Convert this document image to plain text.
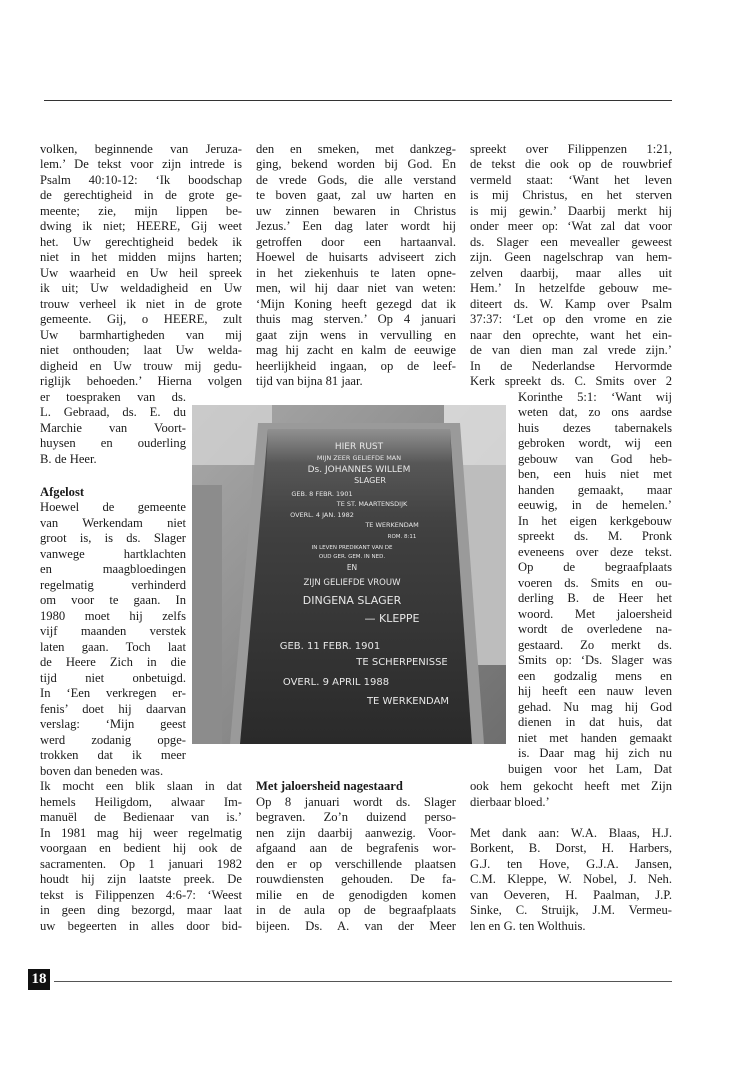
volken, beginnende van Jeruza-
lem.’ De tekst voor zijn intrede is
Psalm 40:10-12: ‘Ik boodschap
de gerechtigheid in de grote ge-
meente; zie, mijn lippen be-
dwing ik niet; HEERE, Gij weet
het. Uw gerechtigheid bedek ik
niet in het midden mijns harten;
Uw waarheid en Uw heil spreek
ik uit; Uw weldadigheid en Uw
trouw verheel ik niet in de grote
gemeente. Gij, o HEERE, zult
Uw barmhartigheden van mij
niet onthouden; laat Uw welda-
digheid en Uw trouw mij gedu-
riglijk behoeden.’ Hierna volgen
er toespraken van ds.
L. Gebraad, ds. E. du
Marchie van Voort-
huysen en ouderling
B. de Heer.
Afgelost
Hoewel de gemeente
van Werkendam niet
groot is, is ds. Slager
vanwege hartklachten
en maagbloedingen
regelmatig verhinderd
om voor te gaan. In
1980 moet hij zelfs
vijf maanden verstek
laten gaan. Toch laat
de Heere Zich in die
tijd niet onbetuigd.
In ‘Een verkregen er-
fenis’ doet hij daarvan
verslag: ‘Mijn geest
werd zodanig opge-
trokken dat ik meer
boven dan beneden was.
Ik mocht een blik slaan in dat
hemels Heiligdom, alwaar Im-
manuël de Bedienaar van is.’
In 1981 mag hij weer regelmatig
voorgaan en bedient hij ook de
sacramenten. Op 1 januari 1982
houdt hij zijn laatste preek. De
tekst is Filippenzen 4:6-7: ‘Weest
in geen ding bezorgd, maar laat
uw begeerten in alles door bid-
den en smeken, met dankzeg-
ging, bekend worden bij God. En
de vrede Gods, die alle verstand
te boven gaat, zal uw harten en
uw zinnen bewaren in Christus
Jezus.’ Een dag later wordt hij
getroffen door een hartaanval.
Hoewel de huisarts adviseert zich
in het ziekenhuis te laten opne-
men, wil hij daar niet van weten:
‘Mijn Koning heeft gezegd dat ik
thuis mag sterven.’ Op 4 januari
gaat zijn wens in vervulling en
mag hij zacht en kalm de eeuwige
heerlijkheid ingaan, op de leef-
tijd van bijna 81 jaar.
Met jaloersheid nagestaard
Op 8 januari wordt ds. Slager
begraven. Zo’n duizend perso-
nen zijn daarbij aanwezig. Voor-
afgaand aan de begrafenis wor-
den er op verschillende plaatsen
rouwdiensten gehouden. De fa-
milie en de genodigden komen
in de aula op de begraafplaats
bijeen. Ds. A. van der Meer
spreekt over Filippenzen 1:21,
de tekst die ook op de rouwbrief
vermeld staat: ‘Want het leven
is mij Christus, en het sterven
is mij gewin.’ Daarbij merkt hij
onder meer op: ‘Wat zal dat voor
ds. Slager een mevealler geweest
zijn. Geen nagelschrap van hem-
zelven daarbij, maar alles uit
Hem.’ In hetzelfde gebouw me-
diteert ds. W. Kamp over Psalm
37:37: ‘Let op den vrome en zie
naar den oprechte, want het ein-
de van dien man zal vrede zijn.’
In de Nederlandse Hervormde
Kerk spreekt ds. C. Smits over 2
Korinthe 5:1: ‘Want wij
weten dat, zo ons aardse
huis dezes tabernakels
gebroken wordt, wij een
gebouw van God heb-
ben, een huis niet met
handen gemaakt, maar
eeuwig, in de hemelen.’
In het eigen kerkgebouw
spreekt ds. M. Pronk
eveneens over deze tekst.
Op de begraafplaats
voeren ds. Smits en ou-
derling B. de Heer het
woord. Met jaloersheid
wordt de overledene na-
gestaard. Zo merkt ds.
Smits op: ‘Ds. Slager was
een godzalig mens en
hij heeft een nauw leven
gehad. Nu mag hij God
dienen in dat huis, dat
niet met handen gemaakt
is. Daar mag hij zich nu
buigen voor het Lam, Dat
ook hem gekocht heeft met Zijn
dierbaar bloed.’
Met dank aan: W.A. Blaas, H.J.
Borkent, B. Dorst, H. Harbers,
G.J. ten Hove, G.J.A. Jansen,
C.M. Kleppe, W. Nobel, J. Neh.
van Oeveren, H. Paalman, J.P.
Sinke, C. Struijk, J.M. Vermeu-
len en G. ten Wolthuis.
HIER RUST
MIJN ZEER GELIEFDE MAN
Ds. JOHANNES WILLEM
SLAGER
GEB. 8 FEBR. 1901
TE ST. MAARTENSDIJK
OVERL. 4 JAN. 1982
TE WERKENDAM
ROM. 8:11
IN LEVEN PREDIKANT VAN DE
OUD GER. GEM. IN NED.
EN
ZIJN GELIEFDE VROUW
DINGENA SLAGER
— KLEPPE
GEB. 11 FEBR. 1901
TE SCHERPENISSE
OVERL. 9 APRIL 1988
TE WERKENDAM
18
